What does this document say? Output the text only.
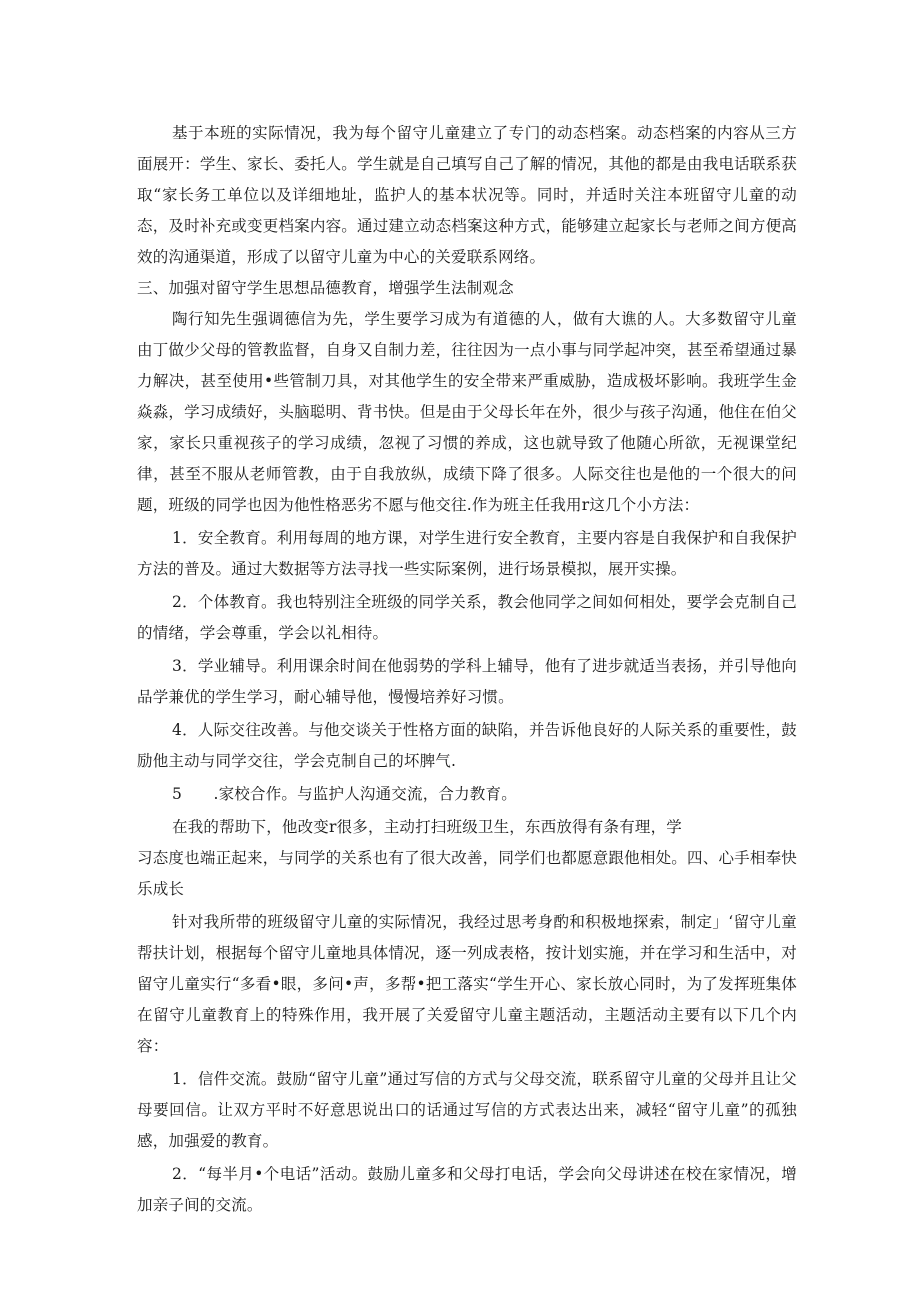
基于本班的实际情况，我为每个留守儿童建立了专门的动态档案。动态档案的内容从三方面展开：学生、家长、委托人。学生就是自己填写自己了解的情况，其他的都是由我电话联系获取“家长务工单位以及详细地址，监护人的基本状况等。同时，并适时关注本班留守儿童的动态，及时补充或变更档案内容。通过建立动态档案这种方式，能够建立起家长与老师之间方便高效的沟通渠道，形成了以留守儿童为中心的关爱联系网络。

三、加强对留守学生思想品德教育，增强学生法制观念

陶行知先生强调德信为先，学生要学习成为有道德的人，做有大谯的人。大多数留守儿童由丁做少父母的管教监督，自身又自制力差，往往因为一点小事与同学起冲突，甚至希望通过暴力解决，甚至使用•些管制刀具，对其他学生的安全带来严重威胁，造成极坏影响。我班学生金焱淼，学习成绩好，头脑聪明、背书快。但是由于父母长年在外，很少与孩子沟通，他住在伯父家，家长只重视孩子的学习成绩，忽视了习惯的养成，这也就导致了他随心所欲，无视课堂纪律，甚至不服从老师管教，由于自我放纵，成绩下降了很多。人际交往也是他的一个很大的问题，班级的同学也因为他性格恶劣不愿与他交往.作为班主任我用r这几个小方法：

1．安全教育。利用每周的地方课，对学生进行安全教育，主要内容是自我保护和自我保护方法的普及。通过大数据等方法寻找一些实际案例，进行场景模拟，展开实操。

2．个体教育。我也特别注全班级的同学关系，教会他同学之间如何相处，要学会克制自己的情绪，学会尊重，学会以礼相待。

3．学业辅导。利用课余时间在他弱势的学科上辅导，他有了进步就适当表扬，并引导他向品学兼优的学生学习，耐心辅导他，慢慢培养好习惯。

4．人际交往改善。与他交谈关于性格方面的缺陷，并告诉他良好的人际关系的重要性，鼓励他主动与同学交往，学会克制自己的坏脾气.

5　　.家校合作。与监护人沟通交流，合力教育。

在我的帮助下，他改变r很多，主动打扫班级卫生，东西放得有条有理，学

习态度也端正起来，与同学的关系也有了很大改善，同学们也都愿意跟他相处。四、心手相奉快乐成长

针对我所带的班级留守儿童的实际情况，我经过思考身酌和积极地探索，制定」‘留守儿童帮扶计划，根据每个留守儿童地具体情况，逐一列成表格，按计划实施，并在学习和生活中，对留守儿童实行“多看•眼，多问•声，多帮•把工落实“学生开心、家长放心同时，为了发挥班集体在留守儿童教育上的特殊作用，我开展了关爱留守儿童主题活动，主题活动主要有以下几个内容：

1．信件交流。鼓励“留守儿童”通过写信的方式与父母交流，联系留守儿童的父母并且让父母要回信。让双方平时不好意思说出口的话通过写信的方式表达出来，减轻“留守儿童”的孤独感，加强爱的教育。

2．“每半月•个电话”活动。鼓励儿童多和父母打电话，学会向父母讲述在校在家情况，增加亲子间的交流。
